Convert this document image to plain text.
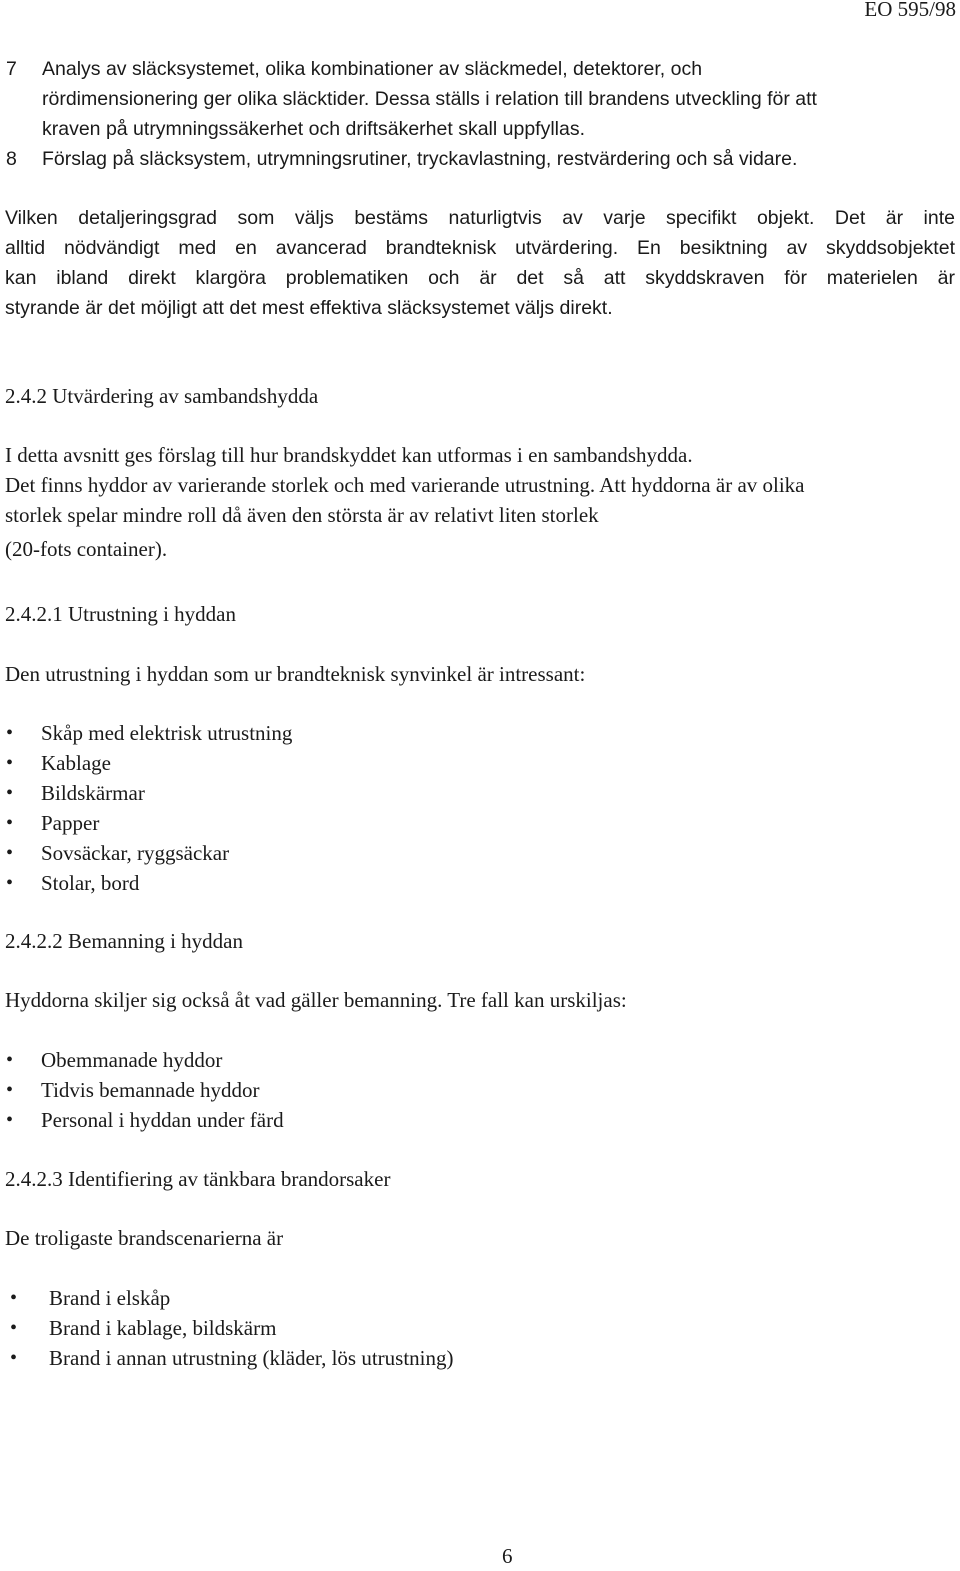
EO 595/98
7 Analys av släcksystemet, olika kombinationer av släckmedel, detektorer, och
rördimensionering ger olika släcktider. Dessa ställs i relation till brandens utveckling för att
kraven på utrymningssäkerhet och driftsäkerhet skall uppfyllas.
8 Förslag på släcksystem, utrymningsrutiner, tryckavlastning, restvärdering och så vidare.
Vilken detaljeringsgrad som väljs bestäms naturligtvis av varje specifikt objekt. Det är inte
alltid nödvändigt med en avancerad brandteknisk utvärdering. En besiktning av skyddsobjektet
kan ibland direkt klargöra problematiken och är det så att skyddskraven för materielen är
styrande är det möjligt att det mest effektiva släcksystemet väljs direkt.
2.4.2 Utvärdering av sambandshydda
I detta avsnitt ges förslag till hur brandskyddet kan utformas i en sambandshydda.
Det finns hyddor av varierande storlek och med varierande utrustning. Att hyddorna är av olika
storlek spelar mindre roll då även den största är av relativt liten storlek
(20-fots container).
2.4.2.1 Utrustning i hyddan
Den utrustning i hyddan som ur brandteknisk synvinkel är intressant:
• Skåp med elektrisk utrustning
• Kablage
• Bildskärmar
• Papper
• Sovsäckar, ryggsäckar
• Stolar, bord
2.4.2.2 Bemanning i hyddan
Hyddorna skiljer sig också åt vad gäller bemanning. Tre fall kan urskiljas:
• Obemmanade hyddor
• Tidvis bemannade hyddor
• Personal i hyddan under färd
2.4.2.3 Identifiering av tänkbara brandorsaker
De troligaste brandscenarierna är
• Brand i elskåp
• Brand i kablage, bildskärm
• Brand i annan utrustning (kläder, lös utrustning)
6
